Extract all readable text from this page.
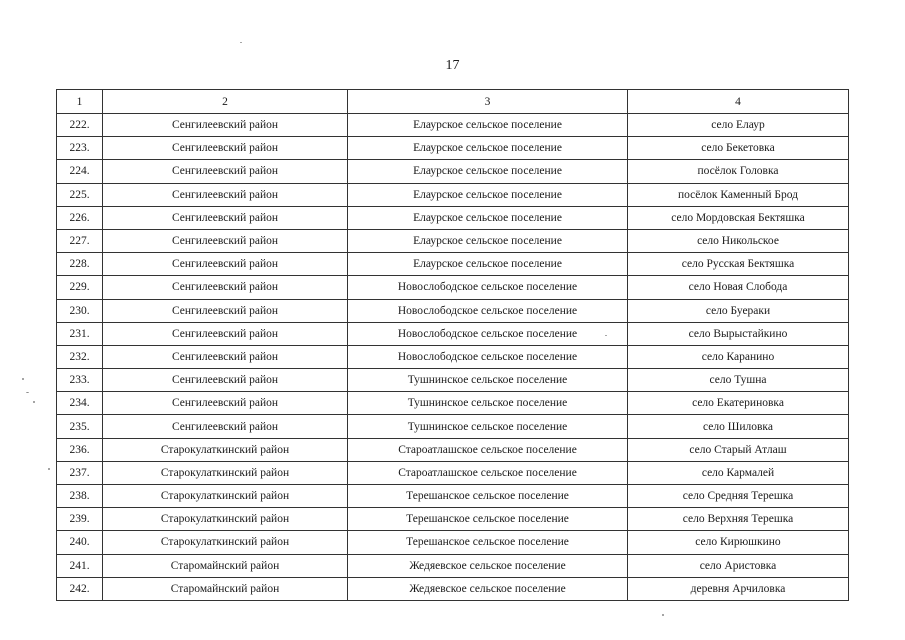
17
1	2	3	4
222.	Сенгилеевский район	Елаурское сельское поселение	село Елаур
223.	Сенгилеевский район	Елаурское сельское поселение	село Бекетовка
224.	Сенгилеевский район	Елаурское сельское поселение	посёлок Головка
225.	Сенгилеевский район	Елаурское сельское поселение	посёлок Каменный Брод
226.	Сенгилеевский район	Елаурское сельское поселение	село Мордовская Бектяшка
227.	Сенгилеевский район	Елаурское сельское поселение	село Никольское
228.	Сенгилеевский район	Елаурское сельское поселение	село Русская Бектяшка
229.	Сенгилеевский район	Новослободское сельское поселение	село Новая Слобода
230.	Сенгилеевский район	Новослободское сельское поселение	село Буераки
231.	Сенгилеевский район	Новослободское сельское поселение	село Вырыстайкино
232.	Сенгилеевский район	Новослободское сельское поселение	село Каранино
233.	Сенгилеевский район	Тушнинское сельское поселение	село Тушна
234.	Сенгилеевский район	Тушнинское сельское поселение	село Екатериновка
235.	Сенгилеевский район	Тушнинское сельское поселение	село Шиловка
236.	Старокулаткинский район	Староатлашское сельское поселение	село Старый Атлаш
237.	Старокулаткинский район	Староатлашское сельское поселение	село Кармалей
238.	Старокулаткинский район	Терешанское сельское поселение	село Средняя Терешка
239.	Старокулаткинский район	Терешанское сельское поселение	село Верхняя Терешка
240.	Старокулаткинский район	Терешанское сельское поселение	село Кирюшкино
241.	Старомайнский район	Жедяевское сельское поселение	село Аристовка
242.	Старомайнский район	Жедяевское сельское поселение	деревня Арчиловка
